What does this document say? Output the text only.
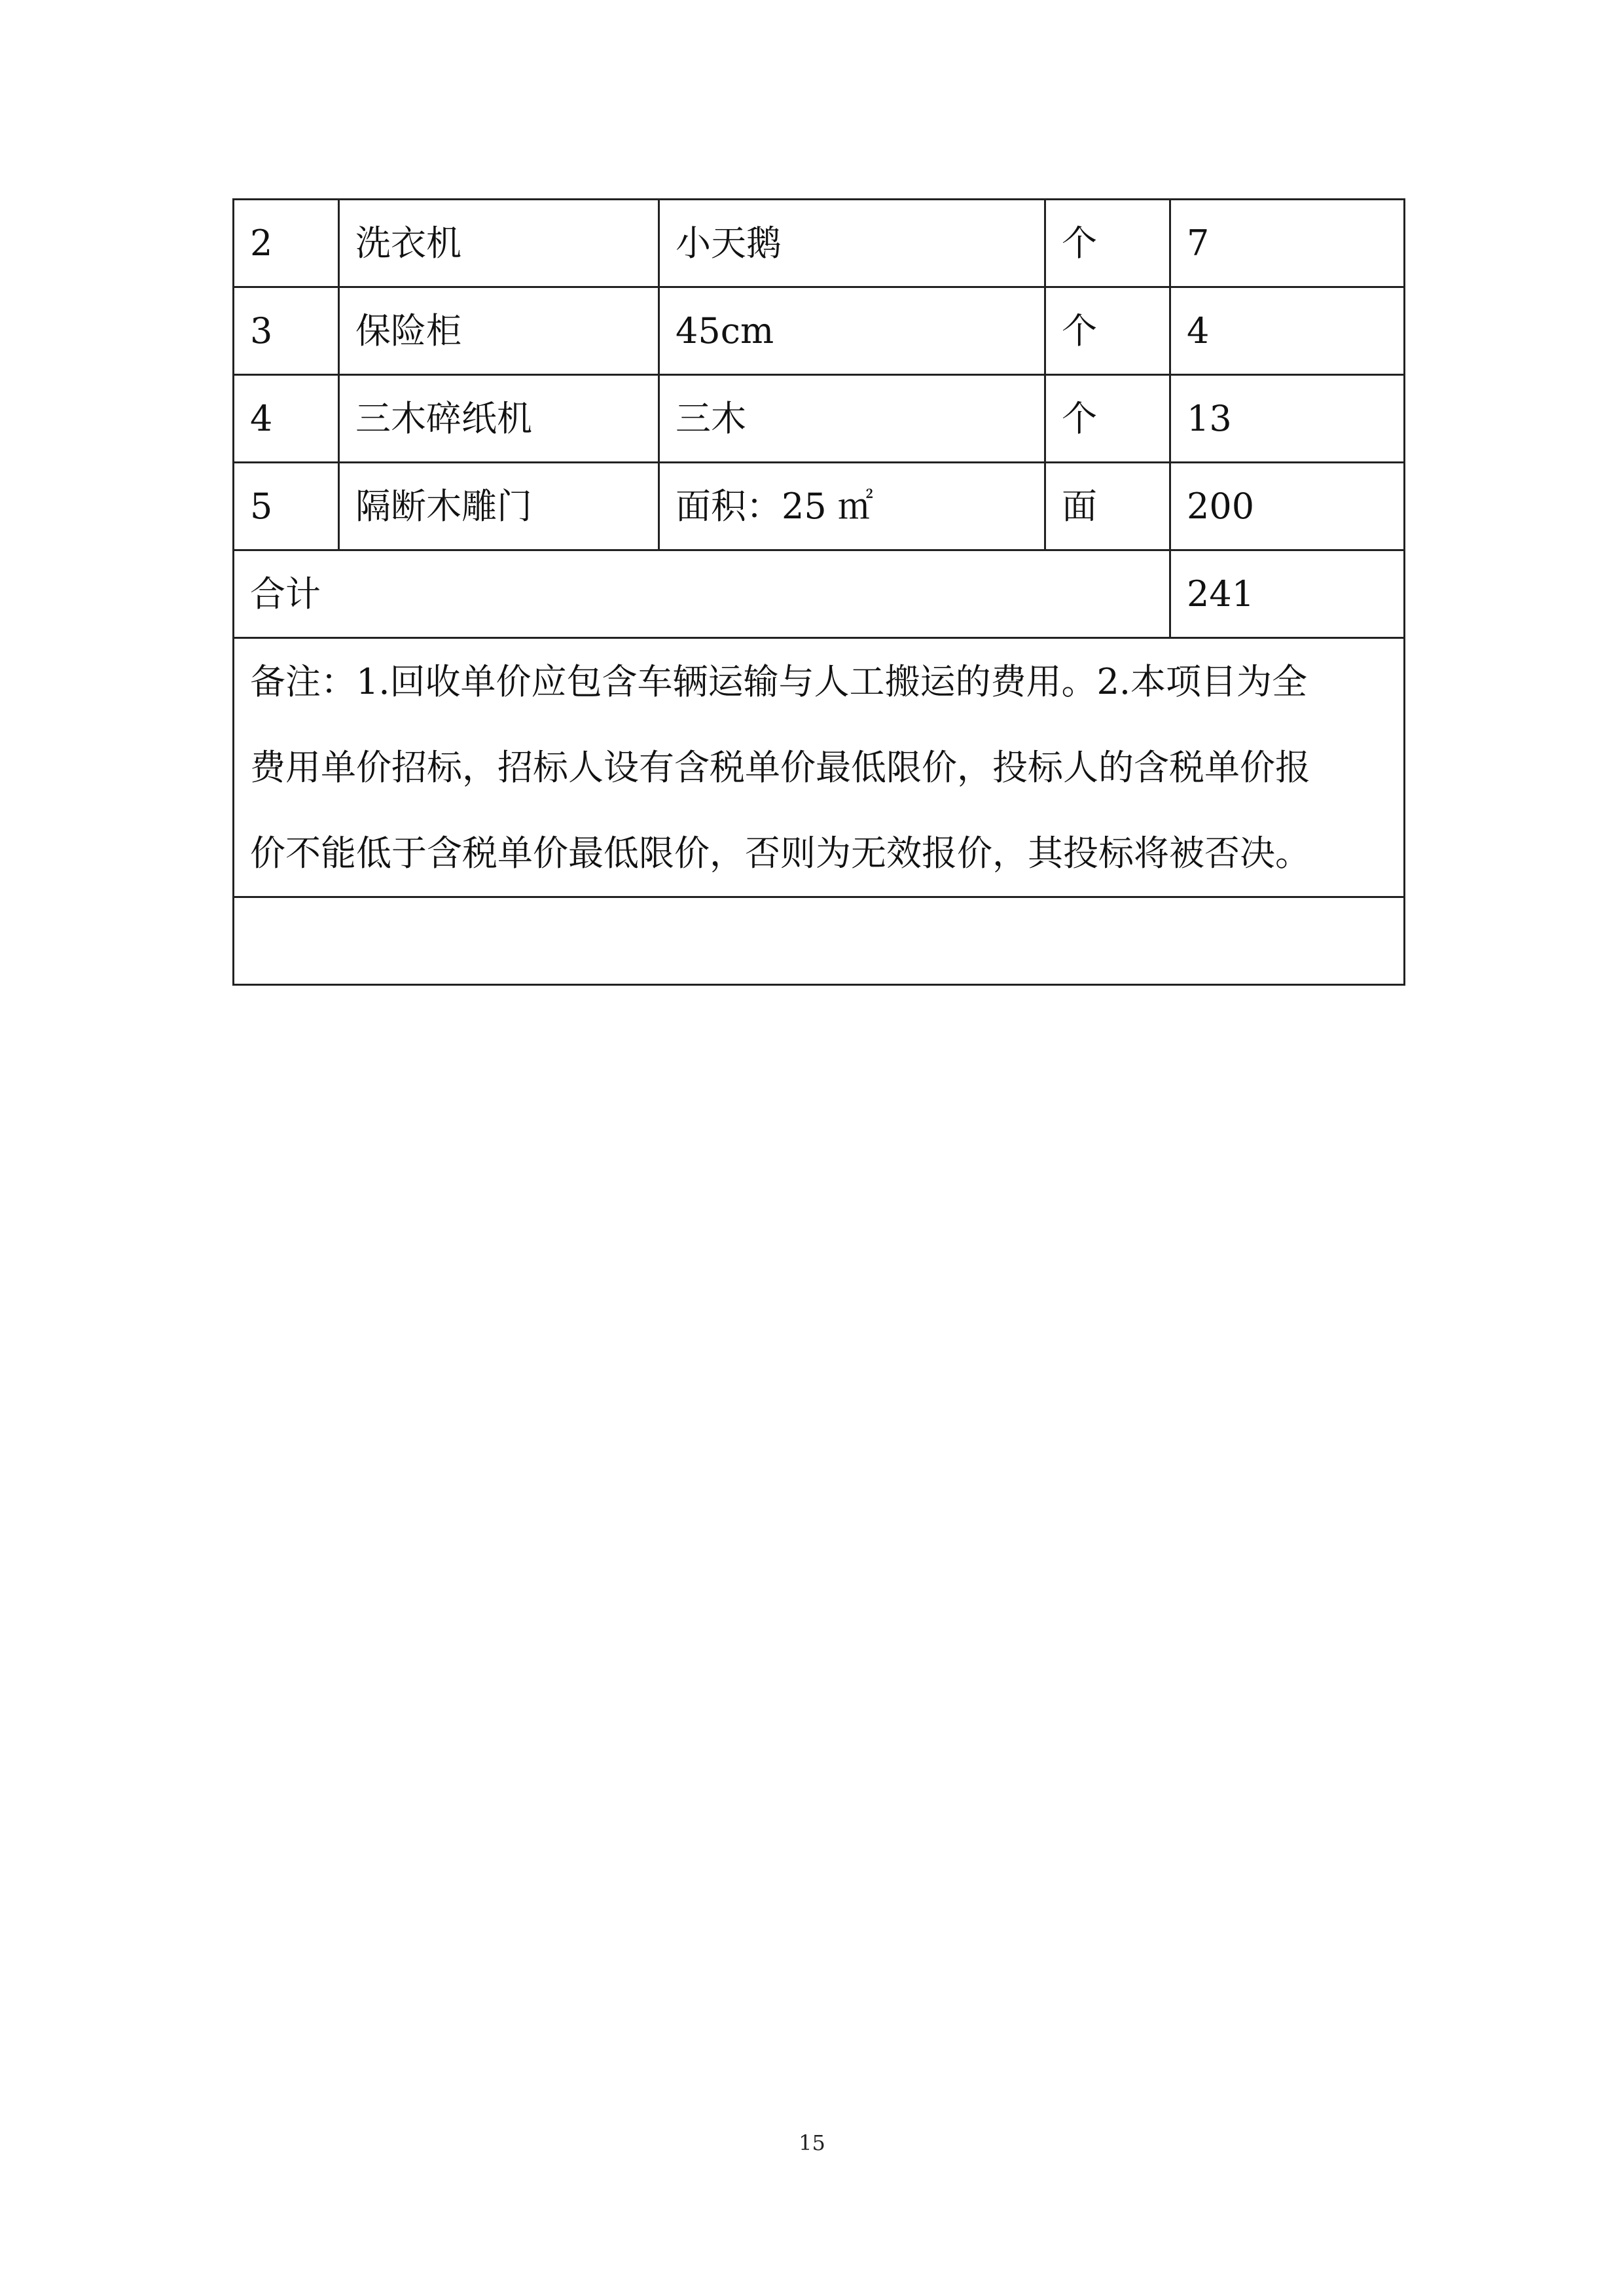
2	洗衣机	小天鹅	个	7
3	保险柜	45cm	个	4
4	三木碎纸机	三木	个	13
5	隔断木雕门	面积：25 ㎡	面	200
合计				241

备注：1.回收单价应包含车辆运输与人工搬运的费用。2.本项目为全
费用单价招标，招标人设有含税单价最低限价，投标人的含税单价报
价不能低于含税单价最低限价，否则为无效报价，其投标将被否决。				

15
